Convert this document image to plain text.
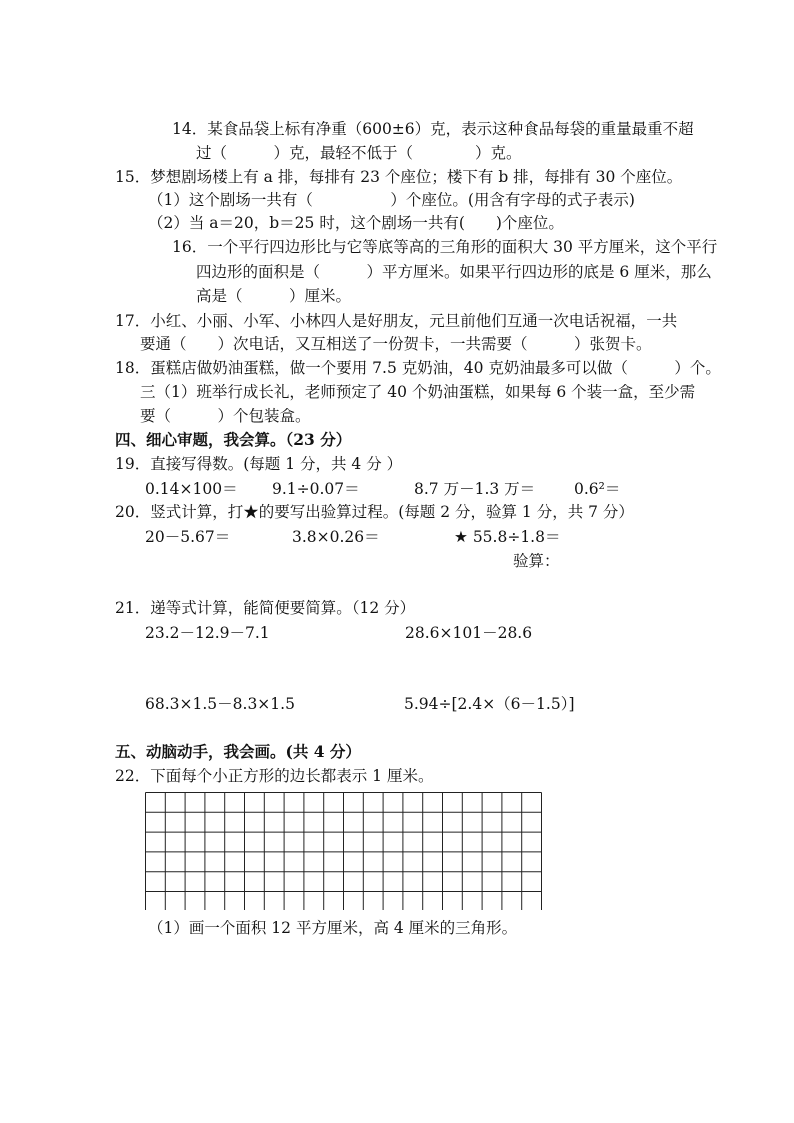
14．某食品袋上标有净重（600±6）克，表示这种食品每袋的重量最重不超
过（　　　）克，最轻不低于（　　　　）克。
15．梦想剧场楼上有 a 排，每排有 23 个座位；楼下有 b 排，每排有 30 个座位。
（1）这个剧场一共有（　　　　　）个座位。(用含有字母的式子表示)
（2）当 a＝20，b＝25 时，这个剧场一共有(　　)个座位。
16．一个平行四边形比与它等底等高的三角形的面积大 30 平方厘米，这个平行
四边形的面积是（　　　）平方厘米。如果平行四边形的底是 6 厘米，那么
高是（　　　）厘米。
17．小红、小丽、小军、小林四人是好朋友，元旦前他们互通一次电话祝福，一共
要通（　　）次电话，又互相送了一份贺卡，一共需要（　　　）张贺卡。
18．蛋糕店做奶油蛋糕，做一个要用 7.5 克奶油，40 克奶油最多可以做（　　　）个。
三（1）班举行成长礼，老师预定了 40 个奶油蛋糕，如果每 6 个装一盒，至少需
要（　　　）个包装盒。
四、细心审题，我会算。（23 分）
19．直接写得数。(每题 1 分，共 4 分 ）
0.14×100＝ 9.1÷0.07＝	8.7 万－1.3 万＝	0.6²＝
20．竖式计算，打★的要写出验算过程。(每题 2 分，验算 1 分，共 7 分）
20－5.67＝	3.8×0.26＝	★ 55.8÷1.8＝
验算：
21．递等式计算，能简便要简算。（12 分）
23.2－12.9－7.1	28.6×101－28.6
68.3×1.5－8.3×1.5	5.94÷[2.4×（6－1.5）]
五、动脑动手，我会画。(共 4 分）
22．下面每个小正方形的边长都表示 1 厘米。
（1）画一个面积 12 平方厘米，高 4 厘米的三角形。
